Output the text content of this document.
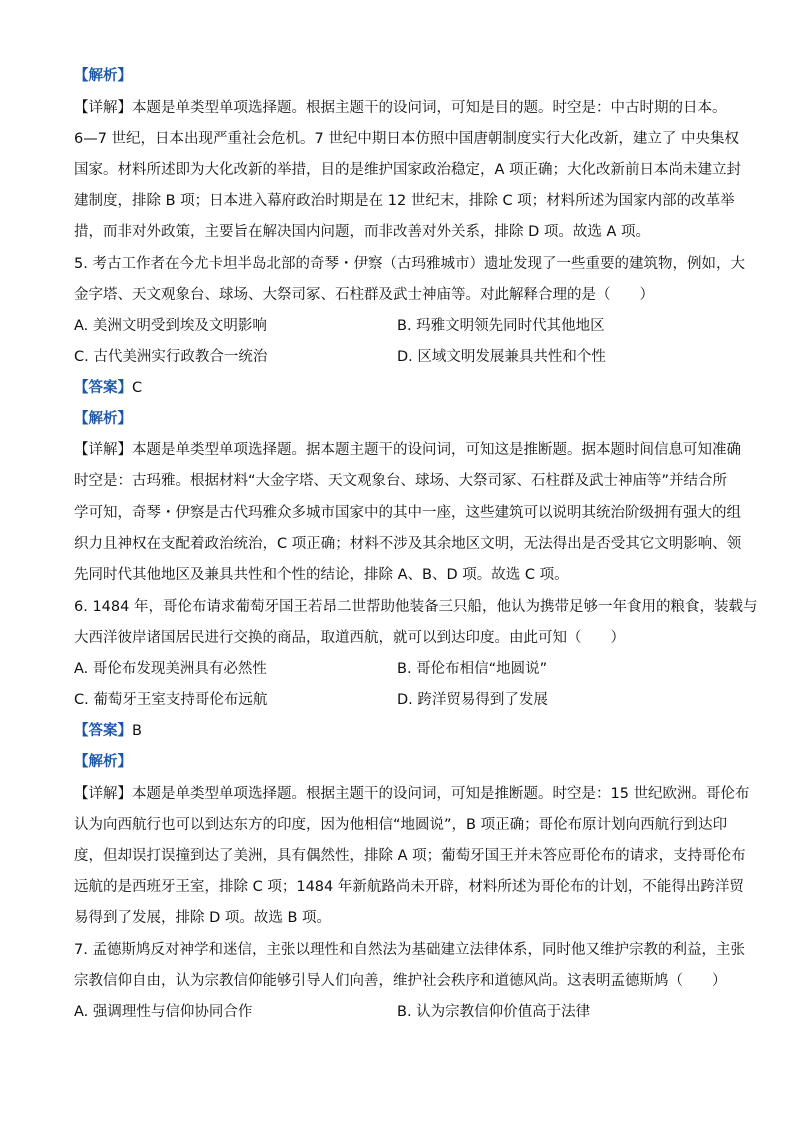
【解析】
【详解】本题是单类型单项选择题。根据主题干的设问词，可知是目的题。时空是：中古时期的日本。
6—7 世纪，日本出现严重社会危机。7 世纪中期日本仿照中国唐朝制度实行大化改新，建立了 中央集权
国家。材料所述即为大化改新的举措，目的是维护国家政治稳定，A 项正确；大化改新前日本尚未建立封
建制度，排除 B 项；日本进入幕府政治时期是在 12 世纪末，排除 C 项；材料所述为国家内部的改革举
措，而非对外政策，主要旨在解决国内问题，而非改善对外关系，排除 D 项。故选 A 项。
5. 考古工作者在今尤卡坦半岛北部的奇琴・伊察（古玛雅城市）遗址发现了一些重要的建筑物，例如，大
金字塔、天文观象台、球场、大祭司冢、石柱群及武士神庙等。对此解释合理的是（　　）
A. 美洲文明受到埃及文明影响	B. 玛雅文明领先同时代其他地区
C. 古代美洲实行政教合一统治	D. 区域文明发展兼具共性和个性
【答案】C
【解析】
【详解】本题是单类型单项选择题。据本题主题干的设问词，可知这是推断题。据本题时间信息可知准确
时空是：古玛雅。根据材料“大金字塔、天文观象台、球场、大祭司冢、石柱群及武士神庙等”并结合所
学可知，奇琴・伊察是古代玛雅众多城市国家中的其中一座，这些建筑可以说明其统治阶级拥有强大的组
织力且神权在支配着政治统治，C 项正确；材料不涉及其余地区文明，无法得出是否受其它文明影响、领
先同时代其他地区及兼具共性和个性的结论，排除 A、B、D 项。故选 C 项。
6. 1484 年，哥伦布请求葡萄牙国王若昂二世帮助他装备三只船，他认为携带足够一年食用的粮食，装载与
大西洋彼岸诸国居民进行交换的商品，取道西航，就可以到达印度。由此可知（　　）
A. 哥伦布发现美洲具有必然性	B. 哥伦布相信“地圆说”
C. 葡萄牙王室支持哥伦布远航	D. 跨洋贸易得到了发展
【答案】B
【解析】
【详解】本题是单类型单项选择题。根据主题干的设问词，可知是推断题。时空是：15 世纪欧洲。哥伦布
认为向西航行也可以到达东方的印度，因为他相信“地圆说”，B 项正确；哥伦布原计划向西航行到达印
度，但却误打误撞到达了美洲，具有偶然性，排除 A 项；葡萄牙国王并未答应哥伦布的请求，支持哥伦布
远航的是西班牙王室，排除 C 项；1484 年新航路尚未开辟，材料所述为哥伦布的计划，不能得出跨洋贸
易得到了发展，排除 D 项。故选 B 项。
7. 孟德斯鸠反对神学和迷信，主张以理性和自然法为基础建立法律体系，同时他又维护宗教的利益，主张
宗教信仰自由，认为宗教信仰能够引导人们向善，维护社会秩序和道德风尚。这表明孟德斯鸠（　　）
A. 强调理性与信仰协同合作	B. 认为宗教信仰价值高于法律
